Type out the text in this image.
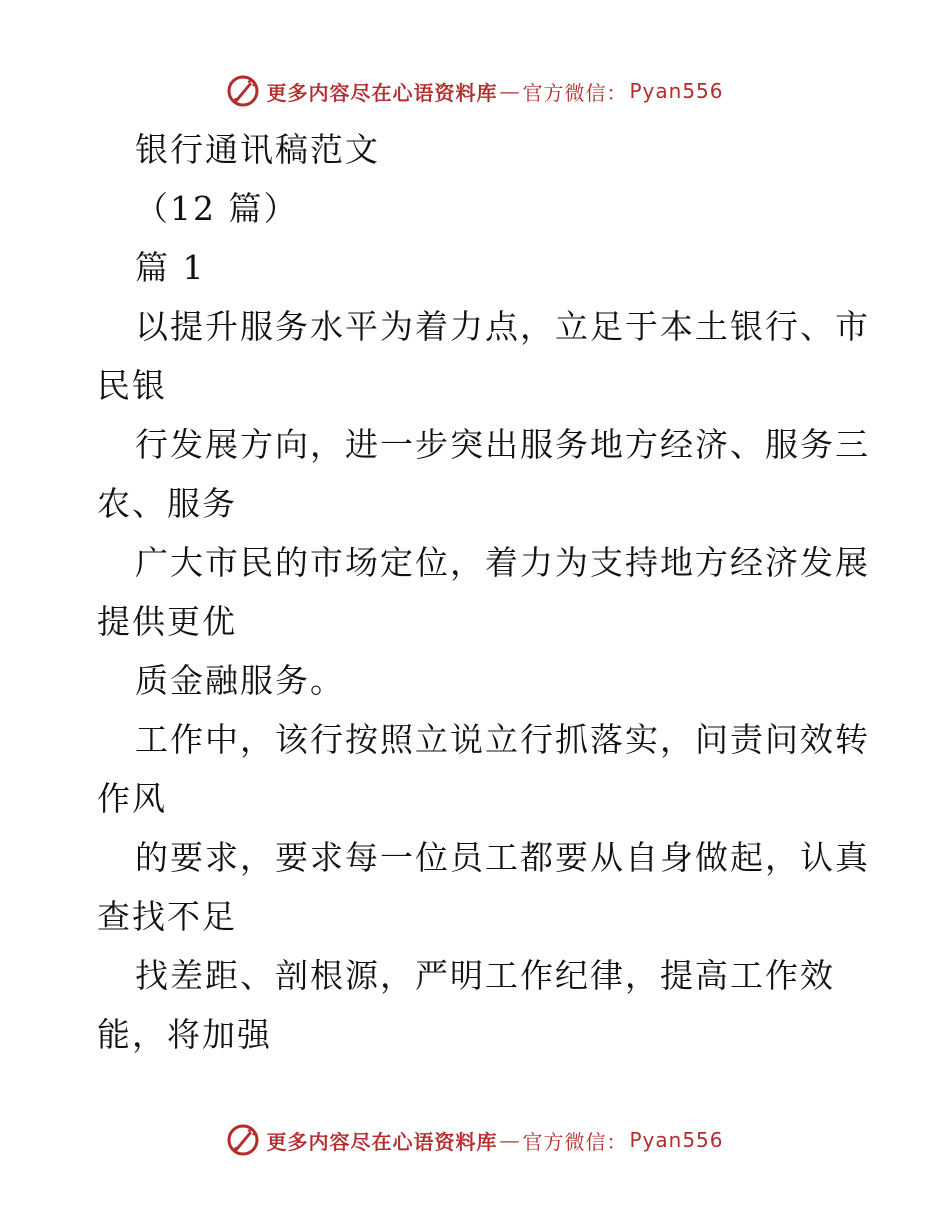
更多内容尽在心语资料库 — 官方微信： Pyan556
银行通讯稿范文
（12 篇）
篇 1
以提升服务水平为着力点，立足于本土银行、市
民银
行发展方向，进一步突出服务地方经济、服务三
农、服务
广大市民的市场定位，着力为支持地方经济发展
提供更优
质金融服务。
工作中，该行按照立说立行抓落实，问责问效转
作风
的要求，要求每一位员工都要从自身做起，认真
查找不足
找差距、剖根源，严明工作纪律，提高工作效
能，将加强
更多内容尽在心语资料库 — 官方微信： Pyan556
